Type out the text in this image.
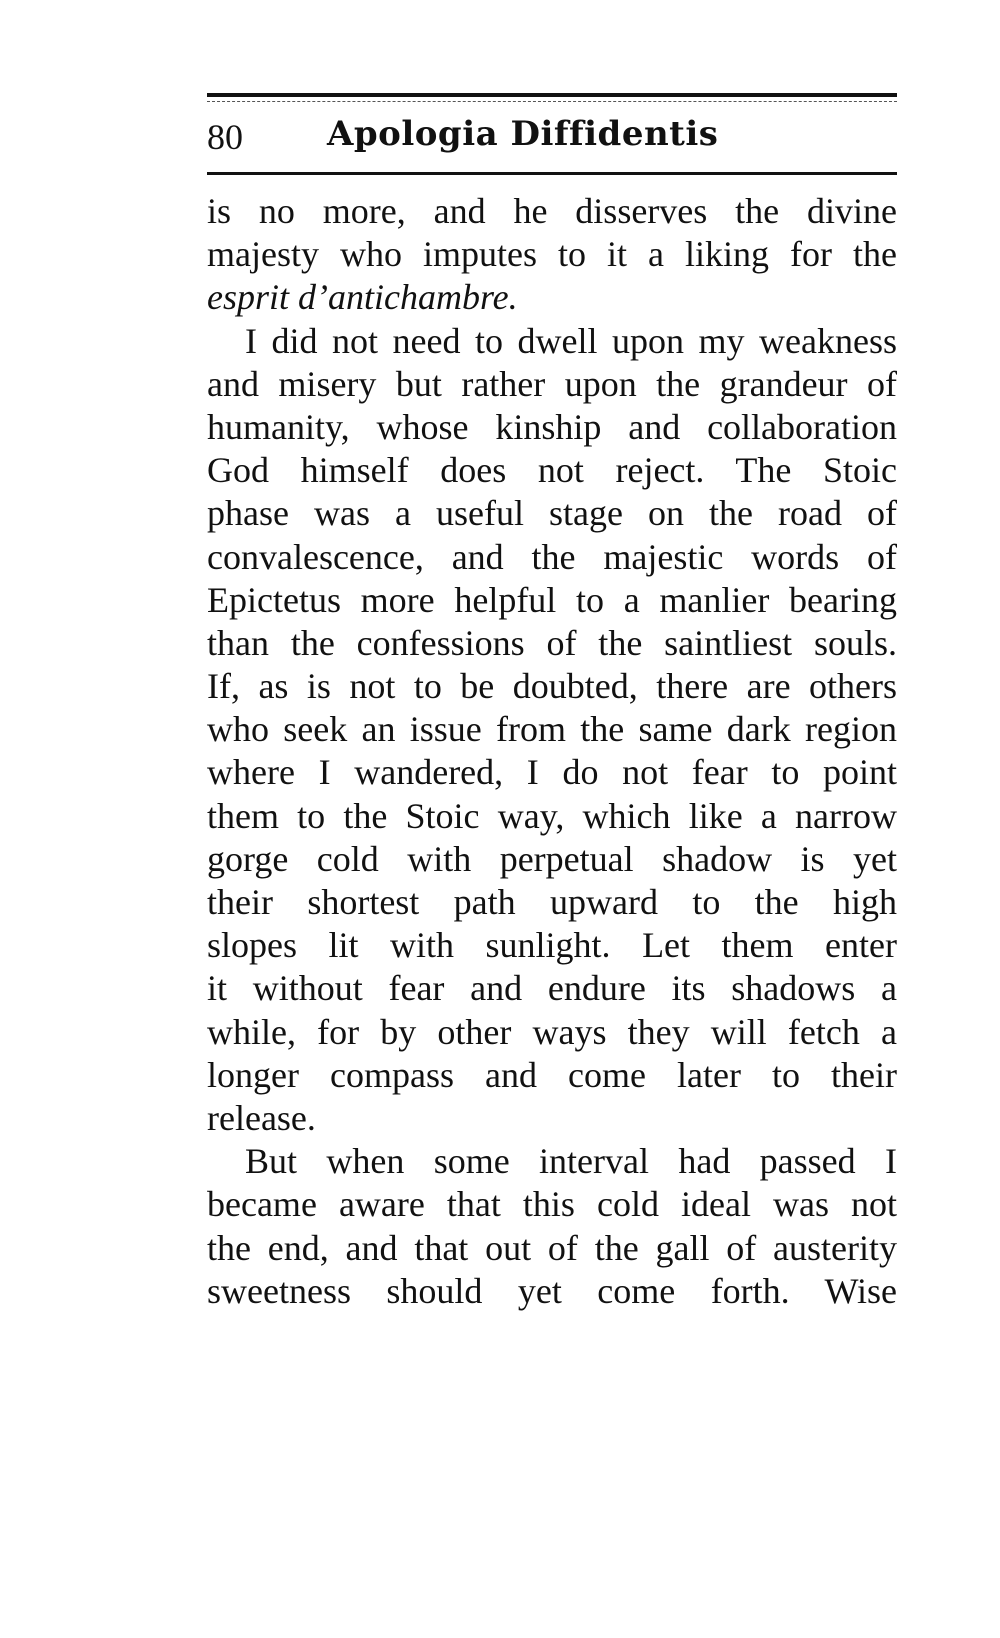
80 Apologia Diffidentis
is no more, and he disserves the divine
majesty who imputes to it a liking for the
esprit d’antichambre.
I did not need to dwell upon my weakness
and misery but rather upon the grandeur of
humanity, whose kinship and collaboration
God himself does not reject. The Stoic
phase was a useful stage on the road of
convalescence, and the majestic words of
Epictetus more helpful to a manlier bearing
than the confessions of the saintliest souls.
If, as is not to be doubted, there are others
who seek an issue from the same dark region
where I wandered, I do not fear to point
them to the Stoic way, which like a narrow
gorge cold with perpetual shadow is yet
their shortest path upward to the high
slopes lit with sunlight. Let them enter
it without fear and endure its shadows a
while, for by other ways they will fetch a
longer compass and come later to their
release.
But when some interval had passed I
became aware that this cold ideal was not
the end, and that out of the gall of austerity
sweetness should yet come forth. Wise
